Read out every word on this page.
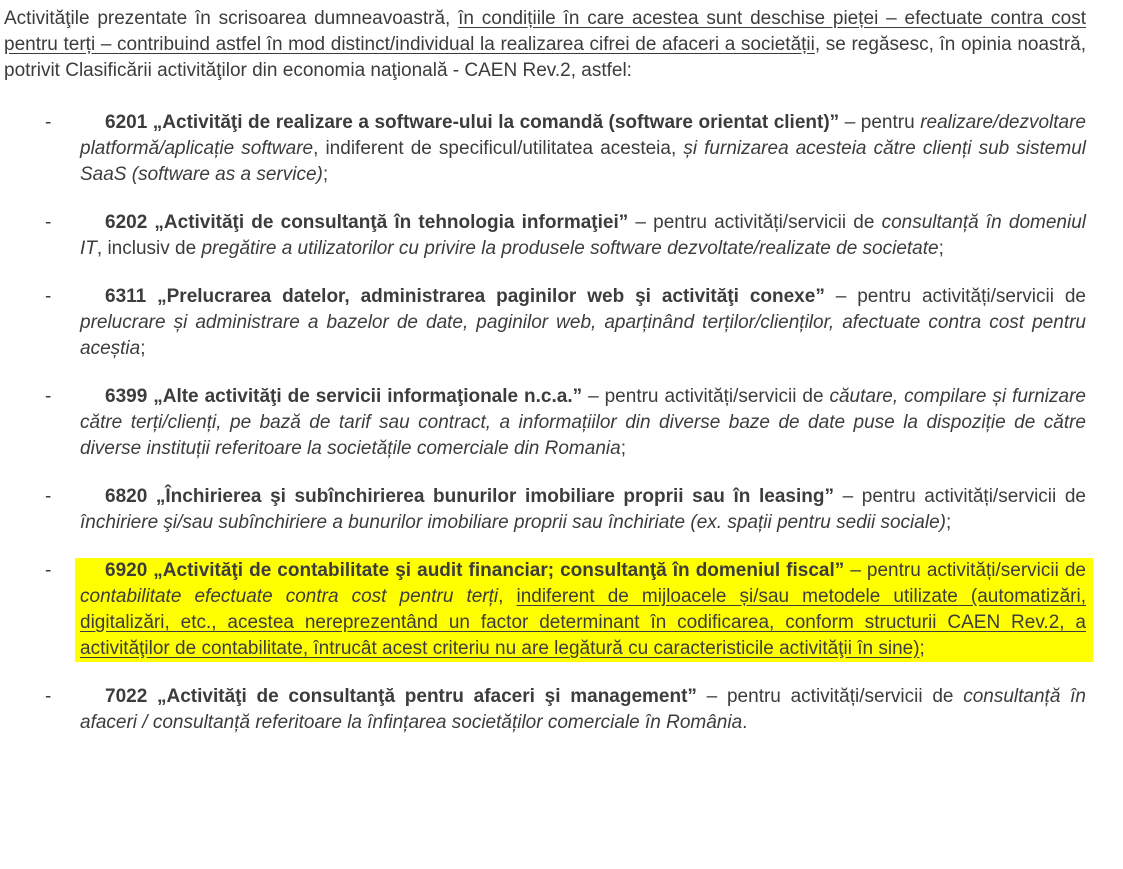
Activităţile prezentate în scrisoarea dumneavoastră, în condițiile în care acestea sunt deschise pieței – efectuate contra cost pentru terți – contribuind astfel în mod distinct/individual la realizarea cifrei de afaceri a societății, se regăsesc, în opinia noastră, potrivit Clasificării activităţilor din economia naţională - CAEN Rev.2, astfel:

-	6201 „Activităţi de realizare a software-ului la comandă (software orientat client)” – pentru realizare/dezvoltare platformă/aplicație software, indiferent de specificul/utilitatea acesteia, și furnizarea acesteia către clienți sub sistemul SaaS (software as a service);
-	6202 „Activităţi de consultanţă în tehnologia informaţiei” – pentru activități/servicii de consultanță în domeniul IT, inclusiv de pregătire a utilizatorilor cu privire la produsele software dezvoltate/realizate de societate;
-	6311 „Prelucrarea datelor, administrarea paginilor web şi activităţi conexe” – pentru activități/servicii de prelucrare și administrare a bazelor de date, paginilor web, aparținând terților/clienților, afectuate contra cost pentru aceștia;
-	6399 „Alte activităţi de servicii informaţionale n.c.a.” – pentru activități/servicii de căutare, compilare și furnizare către terți/clienți, pe bază de tarif sau contract, a informațiilor din diverse baze de date puse la dispoziție de către diverse instituții referitoare la societățile comerciale din Romania;
-	6820 „Închirierea şi subînchirierea bunurilor imobiliare proprii sau în leasing” – pentru activități/servicii de închiriere şi/sau subînchiriere a bunurilor imobiliare proprii sau închiriate (ex. spații pentru sedii sociale);
-	6920 „Activităţi de contabilitate şi audit financiar; consultanţă în domeniul fiscal” – pentru activități/servicii de contabilitate efectuate contra cost pentru terți, indiferent de mijloacele și/sau metodele utilizate (automatizări, digitalizări, etc., acestea nereprezentând un factor determinant în codificarea, conform structurii CAEN Rev.2, a activităţilor de contabilitate, întrucât acest criteriu nu are legătură cu caracteristicile activităţii în sine);
-	7022 „Activităţi de consultanţă pentru afaceri şi management” – pentru activități/servicii de consultanță în afaceri / consultanță referitoare la înfințarea societăților comerciale în România.
